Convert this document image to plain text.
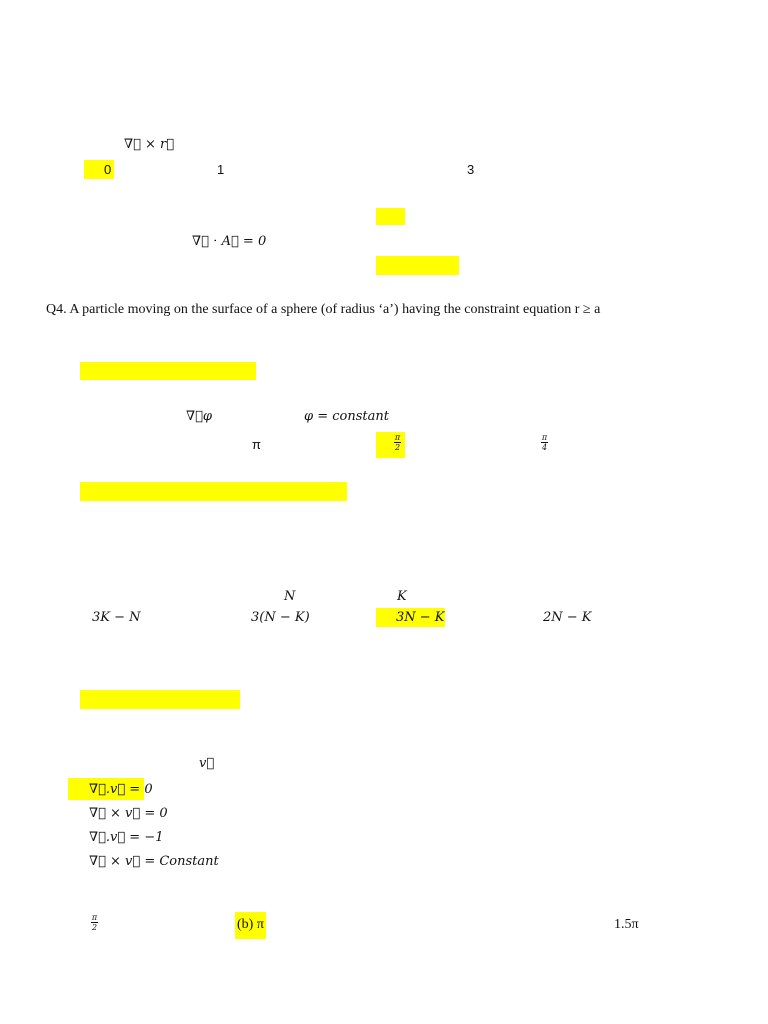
∇⃗ × r⃗
0	1	3
∇⃗ ⋅ A⃗ = 0
Q4. A particle moving on the surface of a sphere (of radius ‘a’) having the constraint equation r ≥ a
∇⃗φ	φ = constant
π	π
2
π
4
N	K
3K − N	3(N − K)	3N − K	2N − K
v⃗
∇⃗.v⃗ = 0
∇⃗ × v⃗ = 0
∇⃗.v⃗ = −1
∇⃗ × v⃗ = Constant
π
2	(b) π	1.5π
